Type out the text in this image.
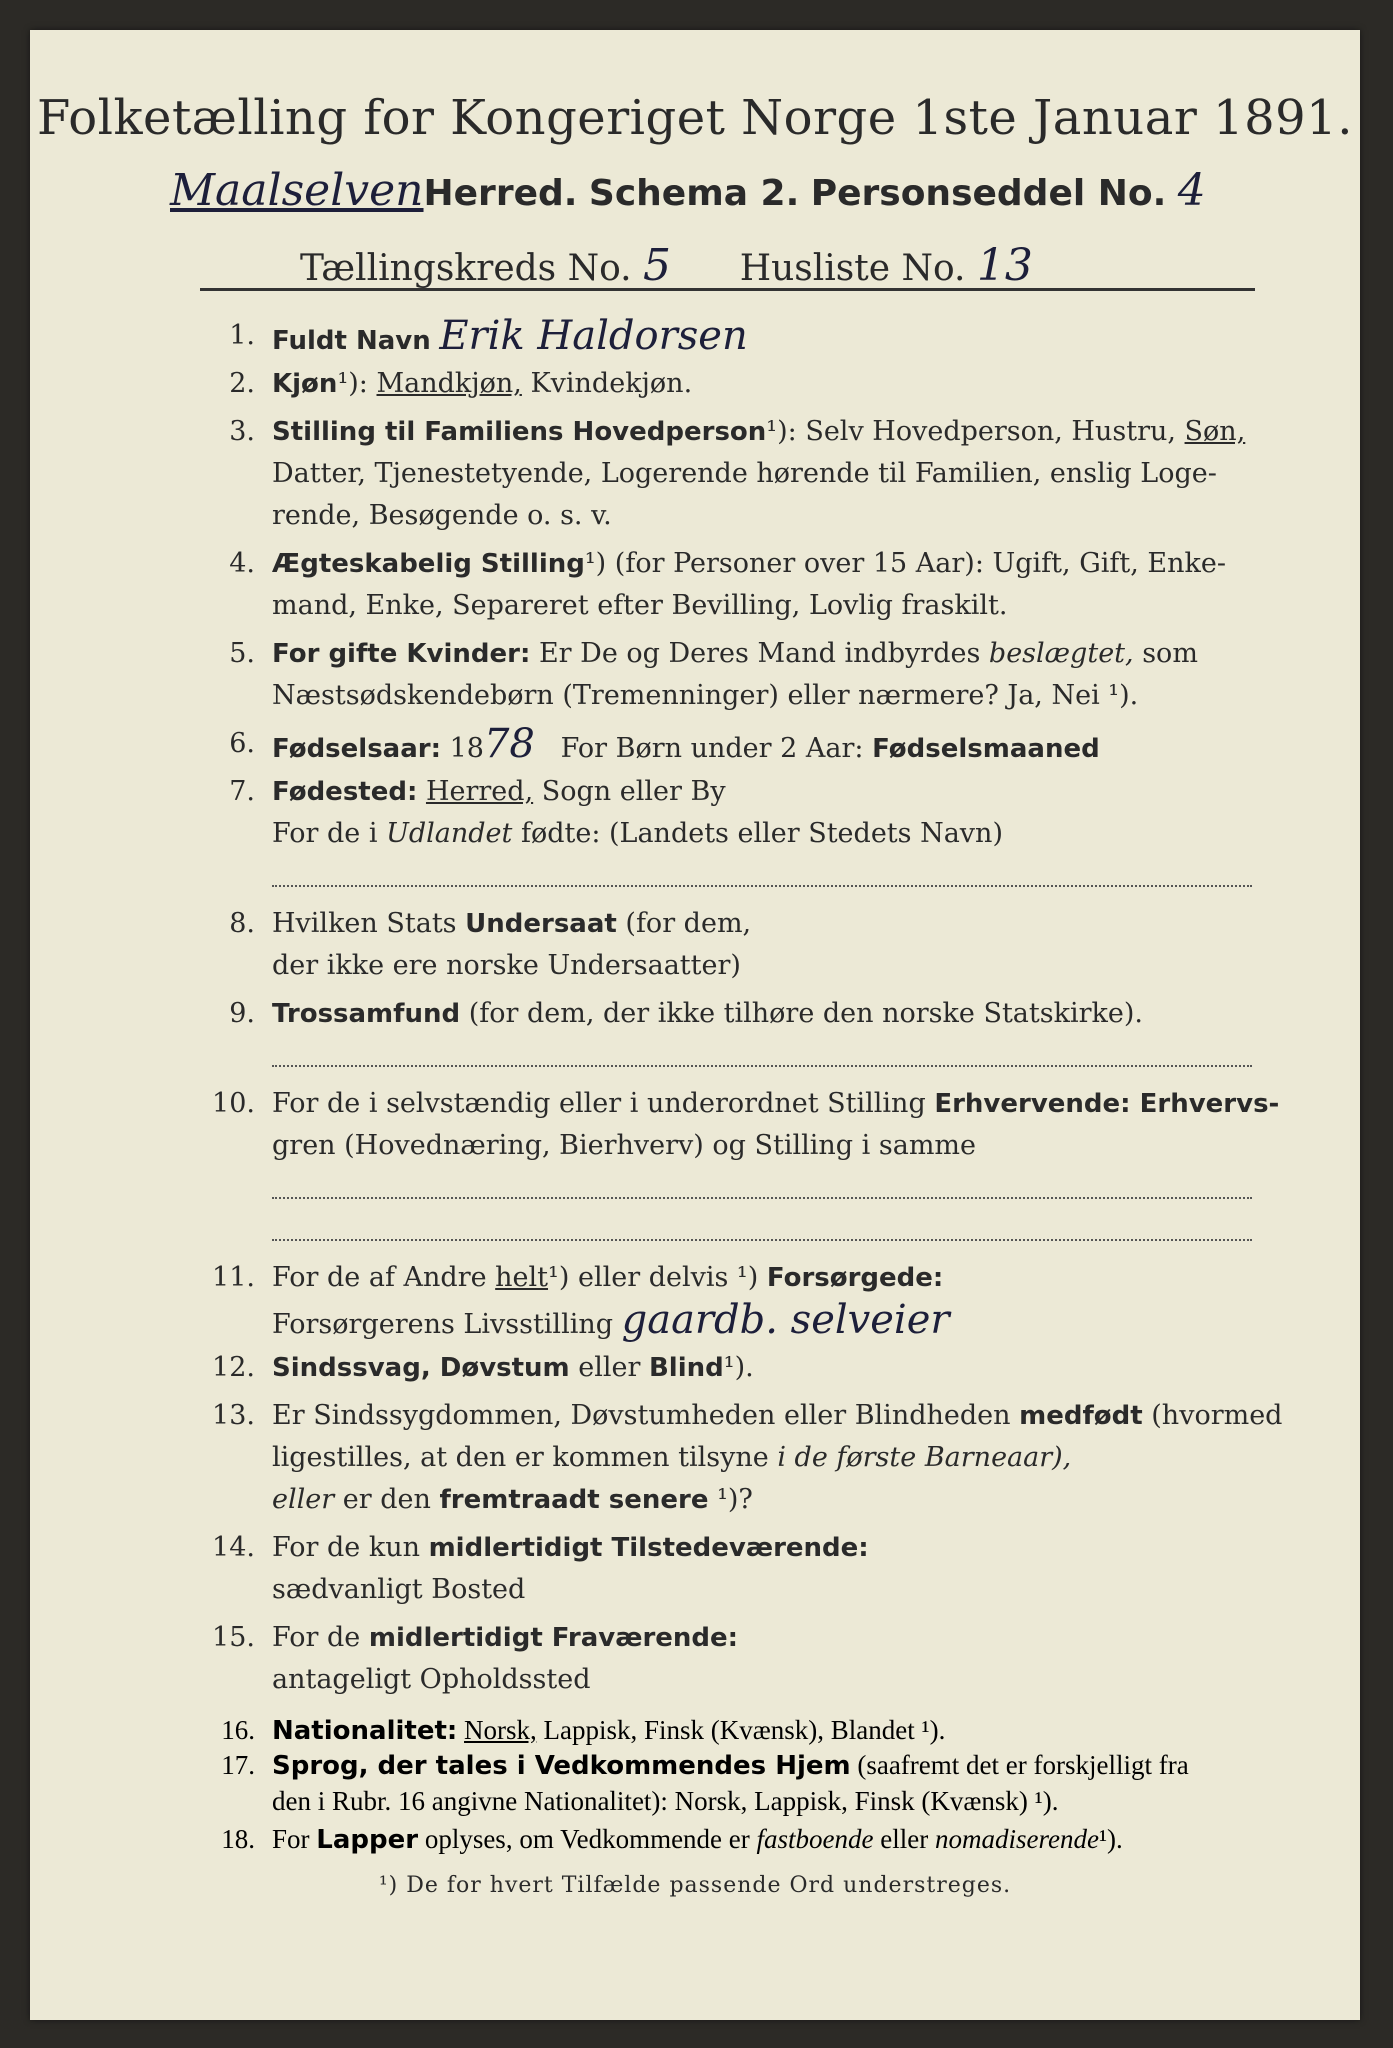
Folketælling for Kongeriget Norge 1ste Januar 1891.
MaalselvenHerred. Schema 2. Personseddel No. 4
Tællingskreds No. 5 Husliste No. 13
1. Fuldt Navn Erik Haldorsen
2. Kjøn¹): Mandkjøn, Kvindekjøn.
3. Stilling til Familiens Hovedperson¹): Selv Hovedperson, Hustru, Søn,
Datter, Tjenestetyende, Logerende hørende til Familien, enslig Loge-
rende, Besøgende o. s. v.
4. Ægteskabelig Stilling¹) (for Personer over 15 Aar): Ugift, Gift, Enke-
mand, Enke, Separeret efter Bevilling, Lovlig fraskilt.
5. For gifte Kvinder: Er De og Deres Mand indbyrdes beslægtet, som
Næstsødskendebørn (Tremenninger) eller nærmere? Ja, Nei ¹).
6. Fødselsaar: 1878 For Børn under 2 Aar: Fødselsmaaned
7. Fødested: Herred, Sogn eller By
For de i Udlandet fødte: (Landets eller Stedets Navn)
8. Hvilken Stats Undersaat (for dem,
der ikke ere norske Undersaatter)
9. Trossamfund (for dem, der ikke tilhøre den norske Statskirke).
10. For de i selvstændig eller i underordnet Stilling Erhvervende: Erhvervs-
gren (Hovednæring, Bierhverv) og Stilling i samme
11. For de af Andre helt¹) eller delvis ¹) Forsørgede:
Forsørgerens Livsstilling gaardb. selveier
12. Sindssvag, Døvstum eller Blind¹).
13. Er Sindssygdommen, Døvstumheden eller Blindheden medfødt (hvormed
ligestilles, at den er kommen tilsyne i de første Barneaar),
eller er den fremtraadt senere ¹)?
14. For de kun midlertidigt Tilstedeværende:
sædvanligt Bosted
15. For de midlertidigt Fraværende:
antageligt Opholdssted
16. Nationalitet: Norsk, Lappisk, Finsk (Kvænsk), Blandet ¹).
17. Sprog, der tales i Vedkommendes Hjem (saafremt det er forskjelligt fra
den i Rubr. 16 angivne Nationalitet): Norsk, Lappisk, Finsk (Kvænsk) ¹).
18. For Lapper oplyses, om Vedkommende er fastboende eller nomadiserende¹).
¹) De for hvert Tilfælde passende Ord understreges.
